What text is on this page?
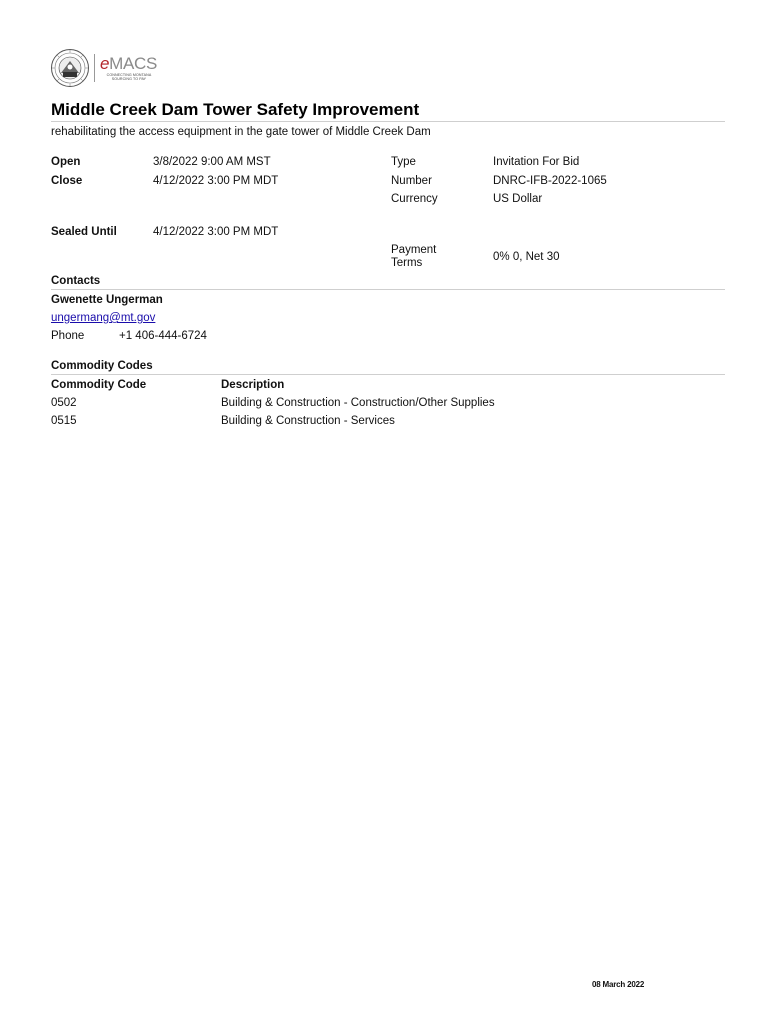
eMACS
CONNECTING MONTANA
SOURCING TO PAY
Middle Creek Dam Tower Safety Improvement
rehabilitating the access equipment in the gate tower of Middle Creek Dam
Open	3/8/2022 9:00 AM MST
Close	4/12/2022 3:00 PM MDT
Sealed Until	4/12/2022 3:00 PM MDT
Type	Invitation For Bid
Number	DNRC-IFB-2022-1065
Currency	US Dollar
Payment
Terms	0% 0, Net 30
Contacts
Gwenette Ungerman
ungermang@mt.gov
Phone	+1 406-444-6724
Commodity Codes
Commodity Code	Description
0502	Building & Construction - Construction/Other Supplies
0515	Building & Construction - Services
08 March 2022
